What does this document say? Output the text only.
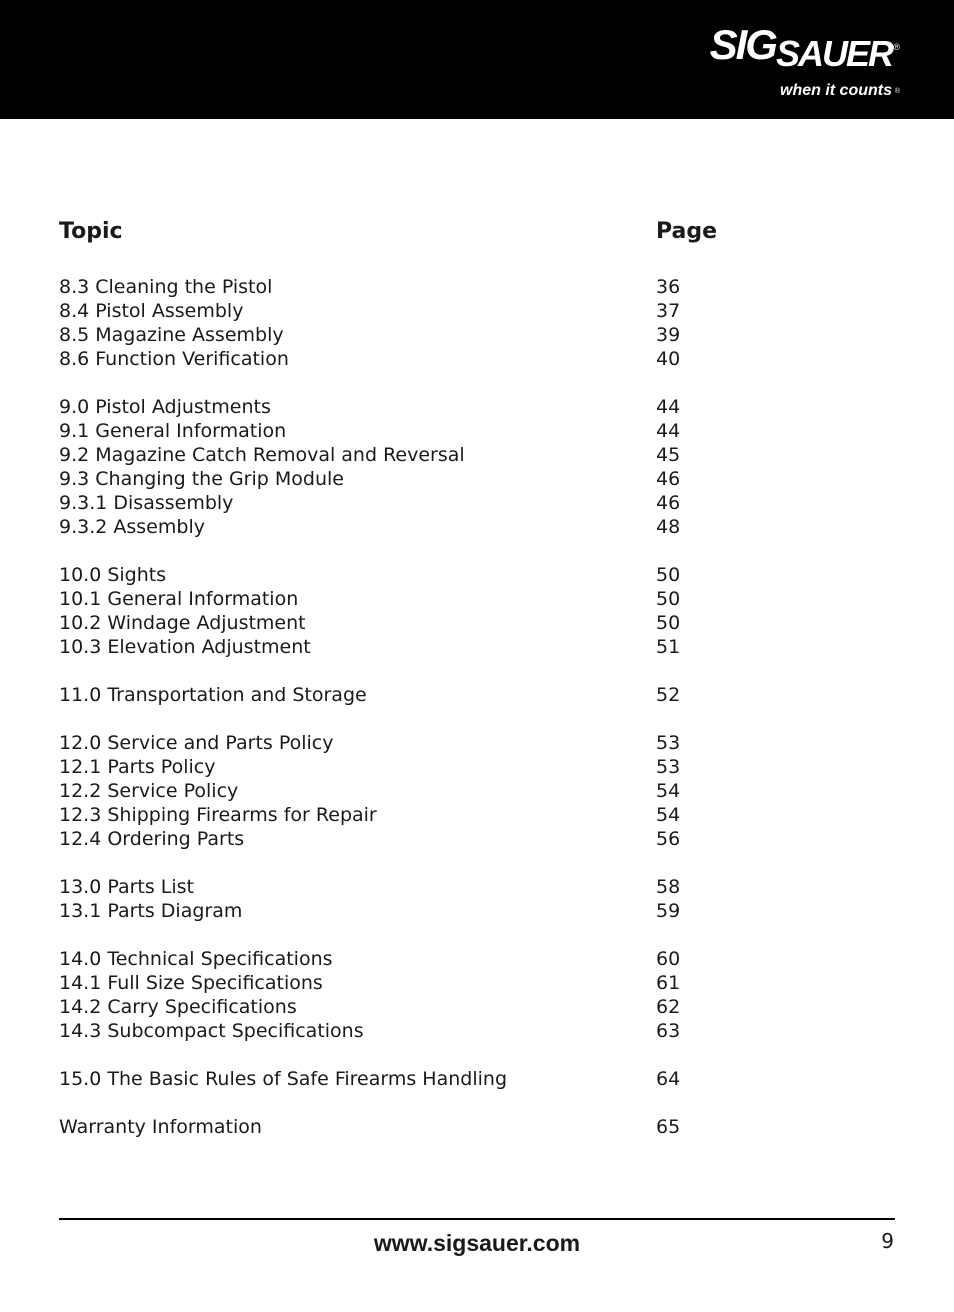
SIGSAUER ®
when it counts ®
Topic	Page
8.3 Cleaning the Pistol	36
8.4 Pistol Assembly	37
8.5 Magazine Assembly	39
8.6 Function Verification	40
9.0 Pistol Adjustments	44
9.1 General Information	44
9.2 Magazine Catch Removal and Reversal	45
9.3 Changing the Grip Module	46
9.3.1 Disassembly	46
9.3.2 Assembly	48
10.0 Sights	50
10.1 General Information	50
10.2 Windage Adjustment	50
10.3 Elevation Adjustment	51
11.0 Transportation and Storage	52
12.0 Service and Parts Policy	53
12.1 Parts Policy	53
12.2 Service Policy	54
12.3 Shipping Firearms for Repair	54
12.4 Ordering Parts	56
13.0 Parts List	58
13.1 Parts Diagram	59
14.0 Technical Specifications	60
14.1 Full Size Specifications	61
14.2 Carry Specifications	62
14.3 Subcompact Specifications	63
15.0 The Basic Rules of Safe Firearms Handling	64
Warranty Information	65
www.sigsauer.com	9
